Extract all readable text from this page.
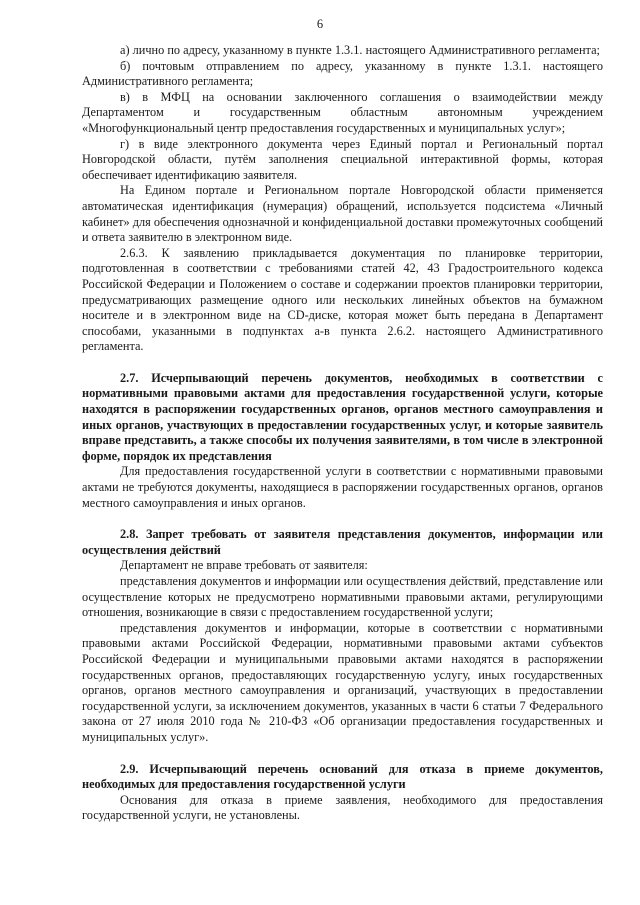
6

а) лично по адресу, указанному в пункте 1.3.1. настоящего Административного регламента;

б) почтовым отправлением по адресу, указанному в пункте 1.3.1. настоящего Административного регламента;

в) в МФЦ на основании заключенного соглашения о взаимодействии между Департаментом и государственным областным автономным учреждением «Многофункциональный центр предоставления государственных и муниципальных услуг»;

г) в виде электронного документа через Единый портал и Региональный портал Новгородской области, путём заполнения специальной интерактивной формы, которая обеспечивает идентификацию заявителя.

На Едином портале и Региональном портале Новгородской области применяется автоматическая идентификация (нумерация) обращений, используется подсистема «Личный кабинет» для обеспечения однозначной и конфиденциальной доставки промежуточных сообщений и ответа заявителю в электронном виде.

2.6.3. К заявлению прикладывается документация по планировке территории, подготовленная в соответствии с требованиями статей 42, 43 Градостроительного кодекса Российской Федерации и Положением о составе и содержании проектов планировки территории, предусматривающих размещение одного или нескольких линейных объектов на бумажном носителе и в электронном виде на CD-диске, которая может быть передана в Департамент способами, указанными в подпунктах а-в пункта 2.6.2. настоящего Административного регламента.

2.7. Исчерпывающий перечень документов, необходимых в соответствии с нормативными правовыми актами для предоставления государственной услуги, которые находятся в распоряжении государственных органов, органов местного самоуправления и иных органов, участвующих в предоставлении государственных услуг, и которые заявитель вправе представить, а также способы их получения заявителями, в том числе в электронной форме, порядок их представления

Для предоставления государственной услуги в соответствии с нормативными правовыми актами не требуются документы, находящиеся в распоряжении государственных органов, органов местного самоуправления и иных органов.

2.8. Запрет требовать от заявителя представления документов, информации или осуществления действий

Департамент не вправе требовать от заявителя:

представления документов и информации или осуществления действий, представление или осуществление которых не предусмотрено нормативными правовыми актами, регулирующими отношения, возникающие в связи с предоставлением государственной услуги;

представления документов и информации, которые в соответствии с нормативными правовыми актами Российской Федерации, нормативными правовыми актами субъектов Российской Федерации и муниципальными правовыми актами находятся в распоряжении государственных органов, предоставляющих государственную услугу, иных государственных органов, органов местного самоуправления и организаций, участвующих в предоставлении государственной услуги, за исключением документов, указанных в части 6 статьи 7 Федерального закона от 27 июля 2010 года № 210-ФЗ «Об организации предоставления государственных и муниципальных услуг».

2.9. Исчерпывающий перечень оснований для отказа в приеме документов, необходимых для предоставления государственной услуги

Основания для отказа в приеме заявления, необходимого для предоставления государственной услуги, не установлены.
